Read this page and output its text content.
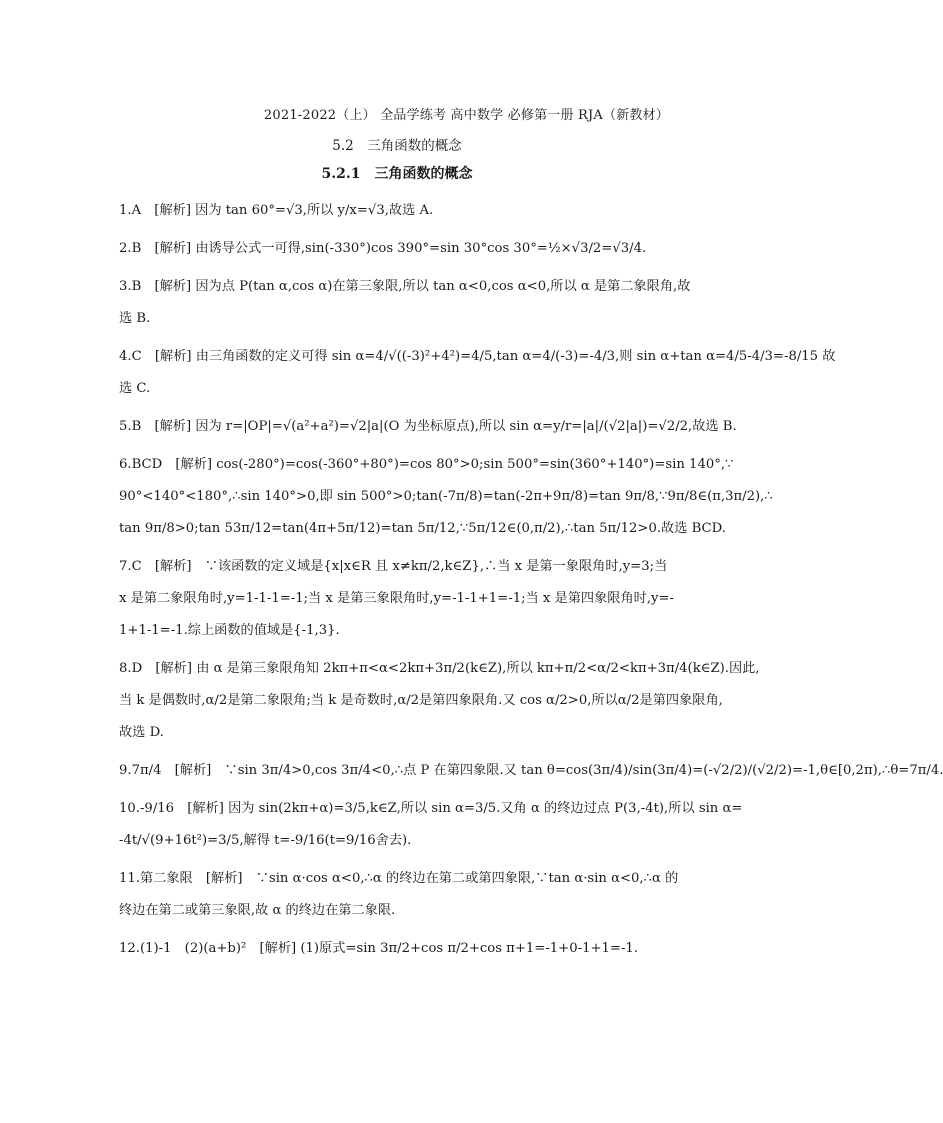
2021-2022（上） 全品学练考 高中数学 必修第一册 RJA（新教材）
5.2　三角函数的概念
5.2.1　三角函数的概念
1.A　[解析] 因为 tan 60°=√3,所以 y/x=√3,故选 A.
2.B　[解析] 由诱导公式一可得,sin(-330°)cos 390°=sin 30°cos 30°=½×√3/2=√3/4.
3.B　[解析] 因为点 P(tan α,cos α)在第三象限,所以 tan α<0,cos α<0,所以 α 是第二象限角,故
选 B.
4.C　[解析] 由三角函数的定义可得 sin α=4/√((-3)²+4²)=4/5,tan α=4/(-3)=-4/3,则 sin α+tan α=4/5-4/3=-8/15 故
选 C.
5.B　[解析] 因为 r=|OP|=√(a²+a²)=√2|a|(O 为坐标原点),所以 sin α=y/r=|a|/(√2|a|)=√2/2,故选 B.
6.BCD　[解析] cos(-280°)=cos(-360°+80°)=cos 80°>0;sin 500°=sin(360°+140°)=sin 140°,∵
90°<140°<180°,∴sin 140°>0,即 sin 500°>0;tan(-7π/8)=tan(-2π+9π/8)=tan 9π/8,∵9π/8∈(π,3π/2),∴
tan 9π/8>0;tan 53π/12=tan(4π+5π/12)=tan 5π/12,∵5π/12∈(0,π/2),∴tan 5π/12>0.故选 BCD.
7.C　[解析]　∵该函数的定义域是{x|x∈R 且 x≠kπ/2,k∈Z},∴当 x 是第一象限角时,y=3;当
x 是第二象限角时,y=1-1-1=-1;当 x 是第三象限角时,y=-1-1+1=-1;当 x 是第四象限角时,y=-
1+1-1=-1.综上函数的值域是{-1,3}.
8.D　[解析] 由 α 是第三象限角知 2kπ+π<α<2kπ+3π/2(k∈Z),所以 kπ+π/2<α/2<kπ+3π/4(k∈Z).因此,
当 k 是偶数时,α/2是第二象限角;当 k 是奇数时,α/2是第四象限角.又 cos α/2>0,所以α/2是第四象限角,
故选 D.
9.7π/4　[解析]　∵sin 3π/4>0,cos 3π/4<0,∴点 P 在第四象限.又 tan θ=cos(3π/4)/sin(3π/4)=(-√2/2)/(√2/2)=-1,θ∈[0,2π),∴θ=7π/4.
10.-9/16　[解析] 因为 sin(2kπ+α)=3/5,k∈Z,所以 sin α=3/5.又角 α 的终边过点 P(3,-4t),所以 sin α=
-4t/√(9+16t²)=3/5,解得 t=-9/16(t=9/16舍去).
11.第二象限　[解析]　∵sin α·cos α<0,∴α 的终边在第二或第四象限,∵tan α·sin α<0,∴α 的
终边在第二或第三象限,故 α 的终边在第二象限.
12.(1)-1　(2)(a+b)²　[解析] (1)原式=sin 3π/2+cos π/2+cos π+1=-1+0-1+1=-1.
